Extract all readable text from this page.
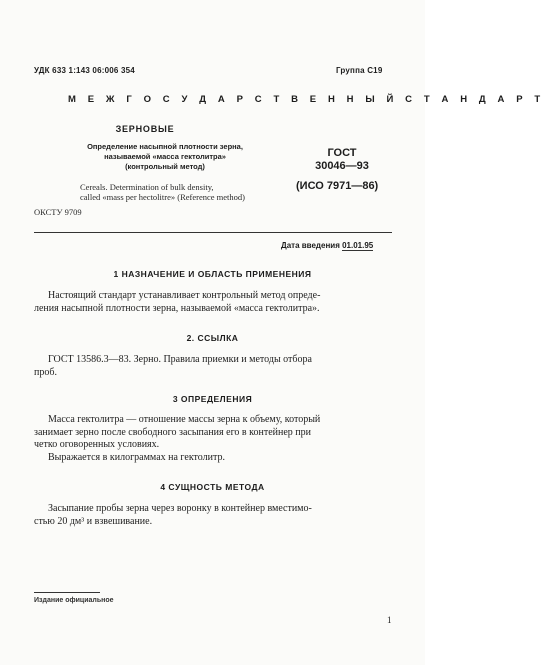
УДК 633 1:143 06:006 354	Группа С19
М Е Ж Г О С У Д А Р С Т В Е Н Н Ы Й С Т А Н Д А Р Т
ЗЕРНОВЫЕ
Определение насыпной плотности зерна,
называемой «масса гектолитра»
(контрольный метод)
Cereals. Determination of bulk density,
called «mass per hectolitre» (Reference method)
ОКСТУ 9709
ГОСТ
30046—93
(ИСО 7971—86)
Дата введения 01.01.95
1 НАЗНАЧЕНИЕ И ОБЛАСТЬ ПРИМЕНЕНИЯ
Настоящий стандарт устанавливает контрольный метод опреде-
ления насыпной плотности зерна, называемой «масса гектолитра».
2. ССЫЛКА
ГОСТ 13586.3—83. Зерно. Правила приемки и методы отбора
проб.
3 ОПРЕДЕЛЕНИЯ
Масса гектолитра — отношение массы зерна к объему, который
занимает зерно после свободного засыпания его в контейнер при
четко оговоренных условиях.
Выражается в килограммах на гектолитр.
4 СУЩНОСТЬ МЕТОДА
Засыпание пробы зерна через воронку в контейнер вместимо-
стью 20 дм³ и взвешивание.
Издание официальное
1
